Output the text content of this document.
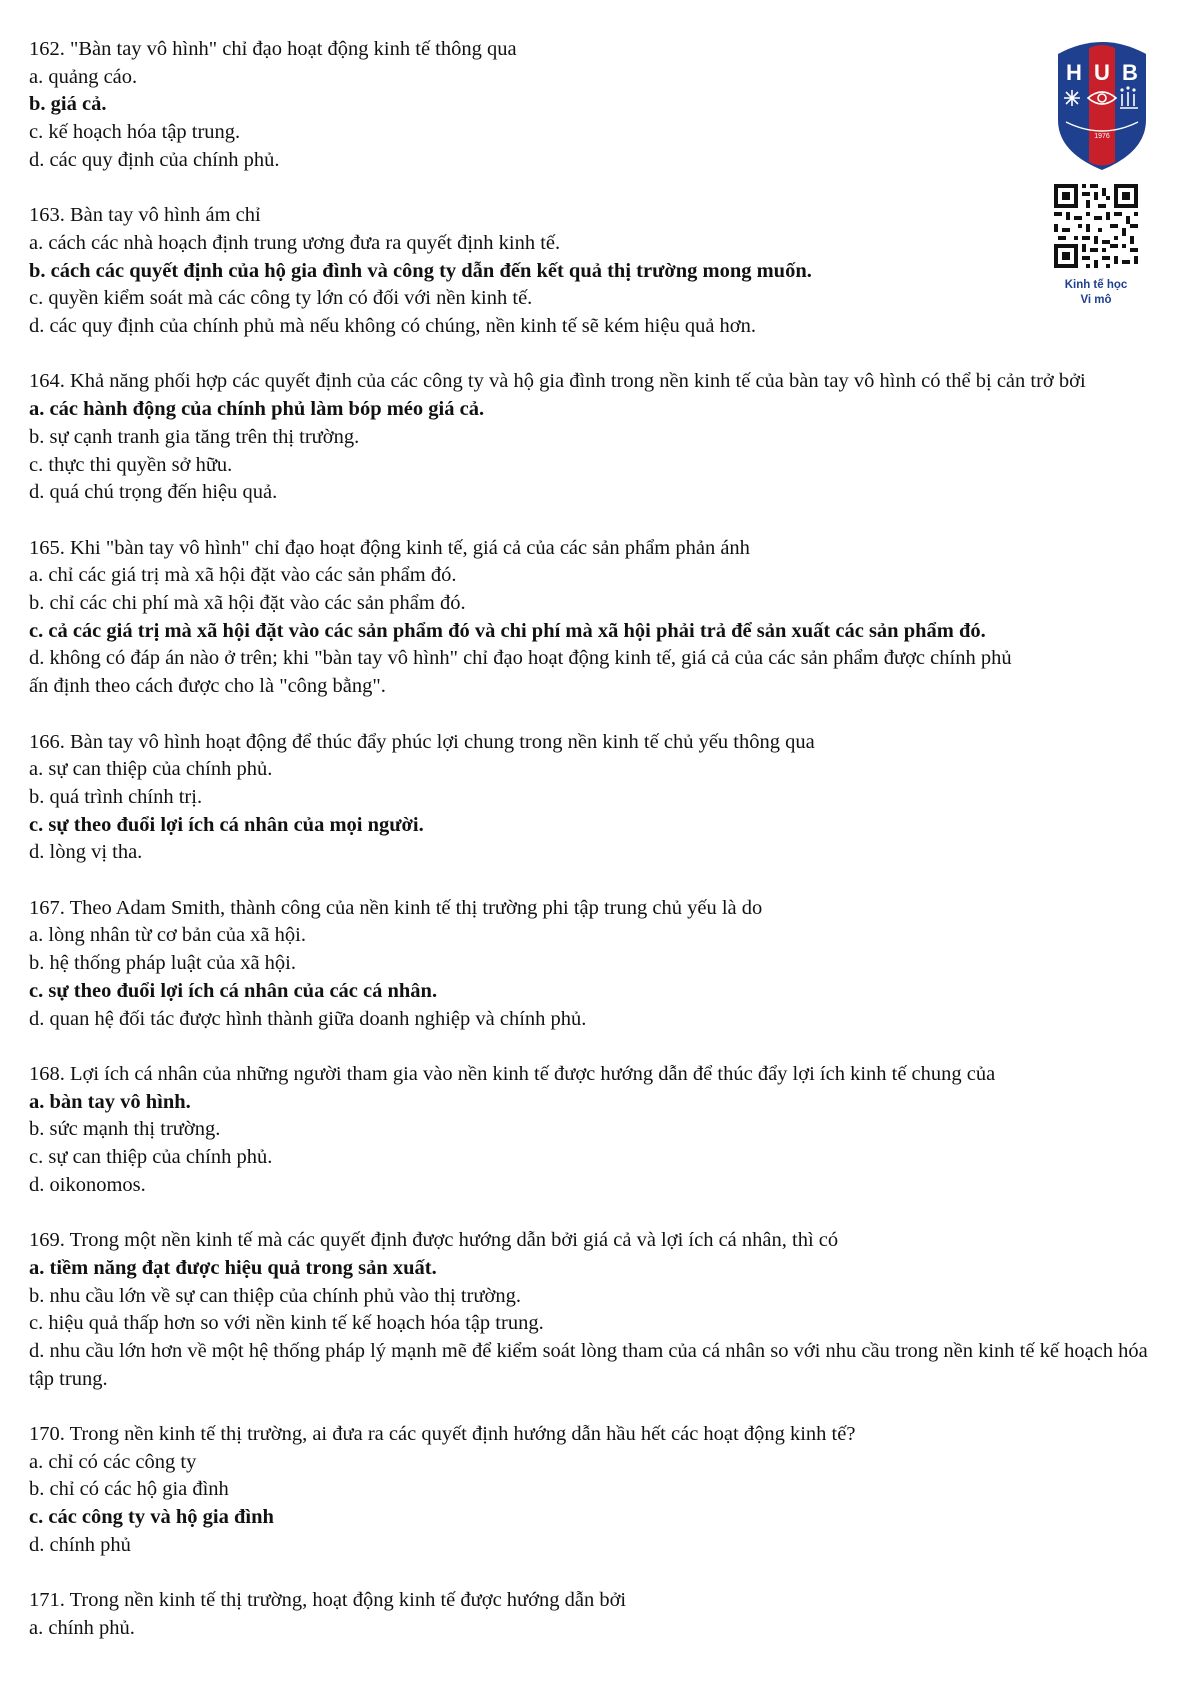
162. "Bàn tay vô hình" chỉ đạo hoạt động kinh tế thông qua
a. quảng cáo.
b. giá cả.
c. kế hoạch hóa tập trung.
d. các quy định của chính phủ.
163. Bàn tay vô hình ám chỉ
a. cách các nhà hoạch định trung ương đưa ra quyết định kinh tế.
b. cách các quyết định của hộ gia đình và công ty dẫn đến kết quả thị trường mong muốn.
c. quyền kiểm soát mà các công ty lớn có đối với nền kinh tế.
d. các quy định của chính phủ mà nếu không có chúng, nền kinh tế sẽ kém hiệu quả hơn.
164. Khả năng phối hợp các quyết định của các công ty và hộ gia đình trong nền kinh tế của bàn tay vô hình có thể bị cản trở bởi
a. các hành động của chính phủ làm bóp méo giá cả.
b. sự cạnh tranh gia tăng trên thị trường.
c. thực thi quyền sở hữu.
d. quá chú trọng đến hiệu quả.
165. Khi "bàn tay vô hình" chỉ đạo hoạt động kinh tế, giá cả của các sản phẩm phản ánh
a. chỉ các giá trị mà xã hội đặt vào các sản phẩm đó.
b. chỉ các chi phí mà xã hội đặt vào các sản phẩm đó.
c. cả các giá trị mà xã hội đặt vào các sản phẩm đó và chi phí mà xã hội phải trả để sản xuất các sản phẩm đó.
d. không có đáp án nào ở trên; khi "bàn tay vô hình" chỉ đạo hoạt động kinh tế, giá cả của các sản phẩm được chính phủ ấn định theo cách được cho là "công bằng".
166. Bàn tay vô hình hoạt động để thúc đẩy phúc lợi chung trong nền kinh tế chủ yếu thông qua
a. sự can thiệp của chính phủ.
b. quá trình chính trị.
c. sự theo đuổi lợi ích cá nhân của mọi người.
d. lòng vị tha.
167. Theo Adam Smith, thành công của nền kinh tế thị trường phi tập trung chủ yếu là do
a. lòng nhân từ cơ bản của xã hội.
b. hệ thống pháp luật của xã hội.
c. sự theo đuổi lợi ích cá nhân của các cá nhân.
d. quan hệ đối tác được hình thành giữa doanh nghiệp và chính phủ.
168. Lợi ích cá nhân của những người tham gia vào nền kinh tế được hướng dẫn để thúc đẩy lợi ích kinh tế chung của
a. bàn tay vô hình.
b. sức mạnh thị trường.
c. sự can thiệp của chính phủ.
d. oikonomos.
169. Trong một nền kinh tế mà các quyết định được hướng dẫn bởi giá cả và lợi ích cá nhân, thì có
a. tiềm năng đạt được hiệu quả trong sản xuất.
b. nhu cầu lớn về sự can thiệp của chính phủ vào thị trường.
c. hiệu quả thấp hơn so với nền kinh tế kế hoạch hóa tập trung.
d. nhu cầu lớn hơn về một hệ thống pháp lý mạnh mẽ để kiểm soát lòng tham của cá nhân so với nhu cầu trong nền kinh tế kế hoạch hóa tập trung.
170. Trong nền kinh tế thị trường, ai đưa ra các quyết định hướng dẫn hầu hết các hoạt động kinh tế?
a. chỉ có các công ty
b. chỉ có các hộ gia đình
c. các công ty và hộ gia đình
d. chính phủ
171. Trong nền kinh tế thị trường, hoạt động kinh tế được hướng dẫn bởi
a. chính phủ.
H U B
1976
Kinh tế học
Vi mô
